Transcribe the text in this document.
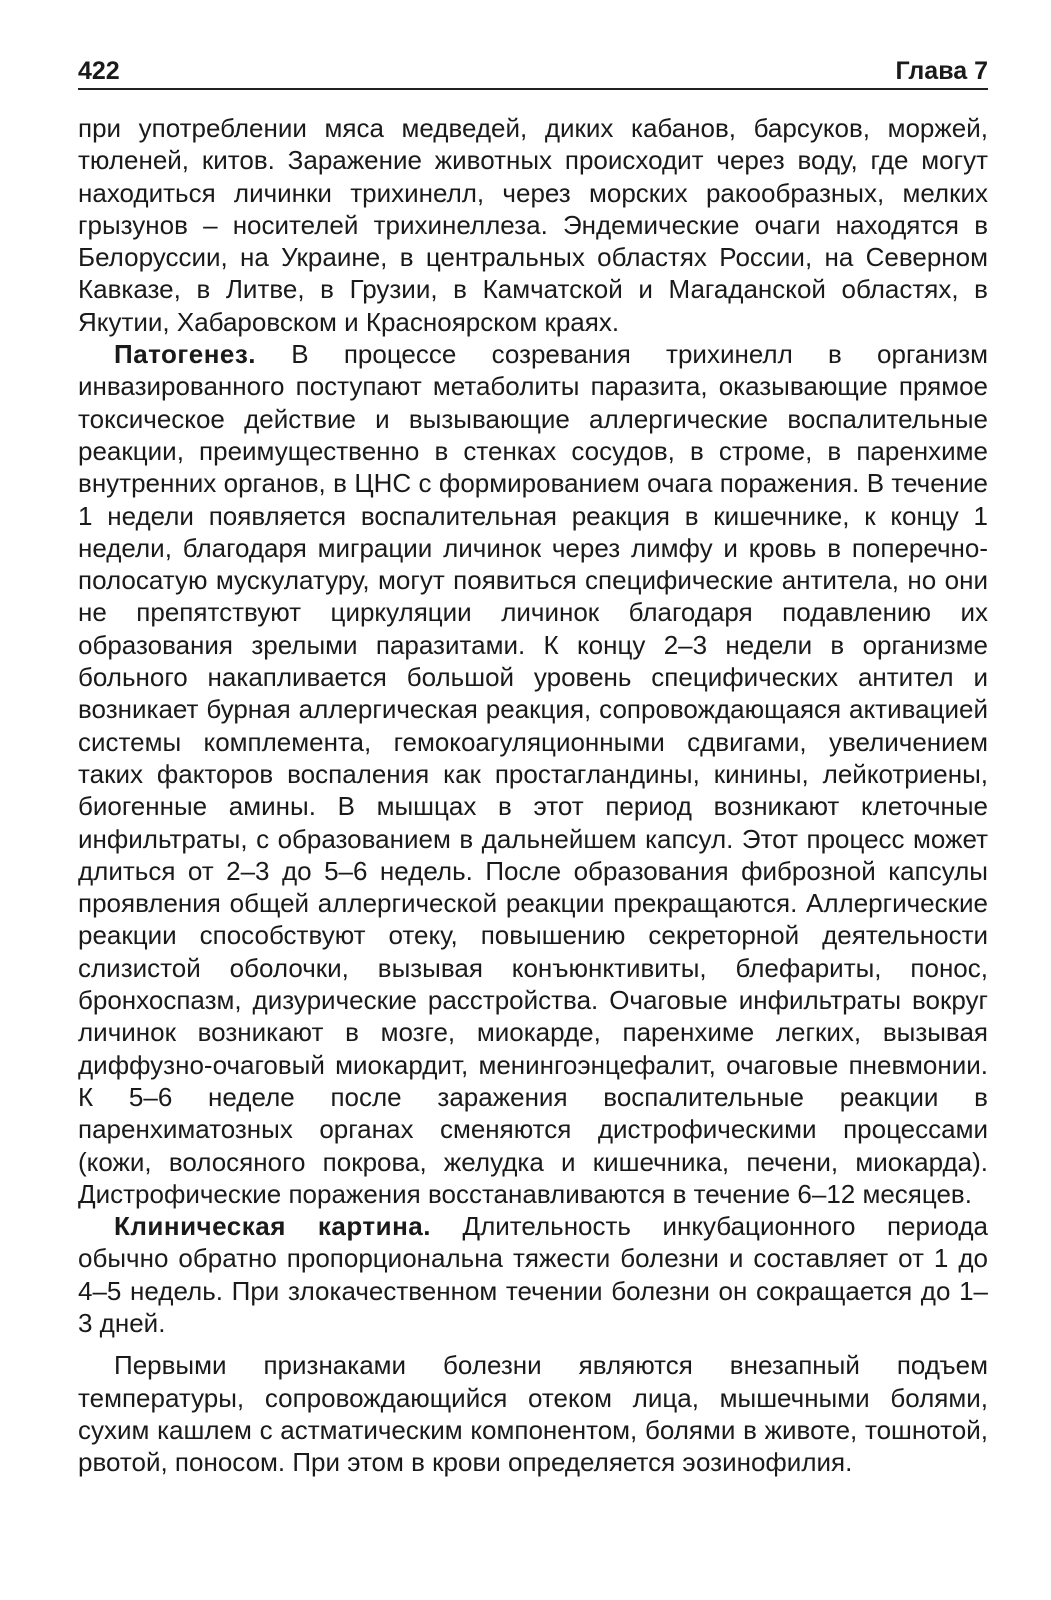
422	Глава 7

при употреблении мяса медведей, диких кабанов, барсуков, моржей, тюленей, китов. Заражение животных происходит через воду, где могут находиться личинки трихинелл, через морских ракообразных, мелких грызунов – носителей трихинеллеза. Эндемические очаги находятся в Белоруссии, на Украине, в центральных областях России, на Северном Кавказе, в Литве, в Грузии, в Камчатской и Магаданской областях, в Якутии, Хабаровском и Красноярском краях.

Патогенез. В процессе созревания трихинелл в организм инвазированного поступают метаболиты паразита, оказывающие прямое токсическое действие и вызывающие аллергические воспалительные реакции, преимущественно в стенках сосудов, в строме, в паренхиме внутренних органов, в ЦНС с формированием очага поражения. В течение 1 недели появляется воспалительная реакция в кишечнике, к концу 1 недели, благодаря миграции личинок через лимфу и кровь в поперечно-полосатую мускулатуру, могут появиться специфические антитела, но они не препятствуют циркуляции личинок благодаря подавлению их образования зрелыми паразитами. К концу 2–3 недели в организме больного накапливается большой уровень специфических антител и возникает бурная аллергическая реакция, сопровождающаяся активацией системы комплемента, гемокоагуляционными сдвигами, увеличением таких факторов воспаления как простагландины, кинины, лейкотриены, биогенные амины. В мышцах в этот период возникают клеточные инфильтраты, с образованием в дальнейшем капсул. Этот процесс может длиться от 2–3 до 5–6 недель. После образования фиброзной капсулы проявления общей аллергической реакции прекращаются. Аллергические реакции способствуют отеку, повышению секреторной деятельности слизистой оболочки, вызывая конъюнктивиты, блефариты, понос, бронхоспазм, дизурические расстройства. Очаговые инфильтраты вокруг личинок возникают в мозге, миокарде, паренхиме легких, вызывая диффузно-очаговый миокардит, менингоэнцефалит, очаговые пневмонии. К 5–6 неделе после заражения воспалительные реакции в паренхиматозных органах сменяются дистрофическими процессами (кожи, волосяного покрова, желудка и кишечника, печени, миокарда). Дистрофические поражения восстанавливаются в течение 6–12 месяцев.

Клиническая картина. Длительность инкубационного периода обычно обратно пропорциональна тяжести болезни и составляет от 1 до 4–5 недель. При злокачественном течении болезни он сокращается до 1–3 дней.

Первыми признаками болезни являются внезапный подъем температуры, сопровождающийся отеком лица, мышечными болями, сухим кашлем с астматическим компонентом, болями в животе, тошнотой, рвотой, поносом. При этом в крови определяется эозинофилия.
